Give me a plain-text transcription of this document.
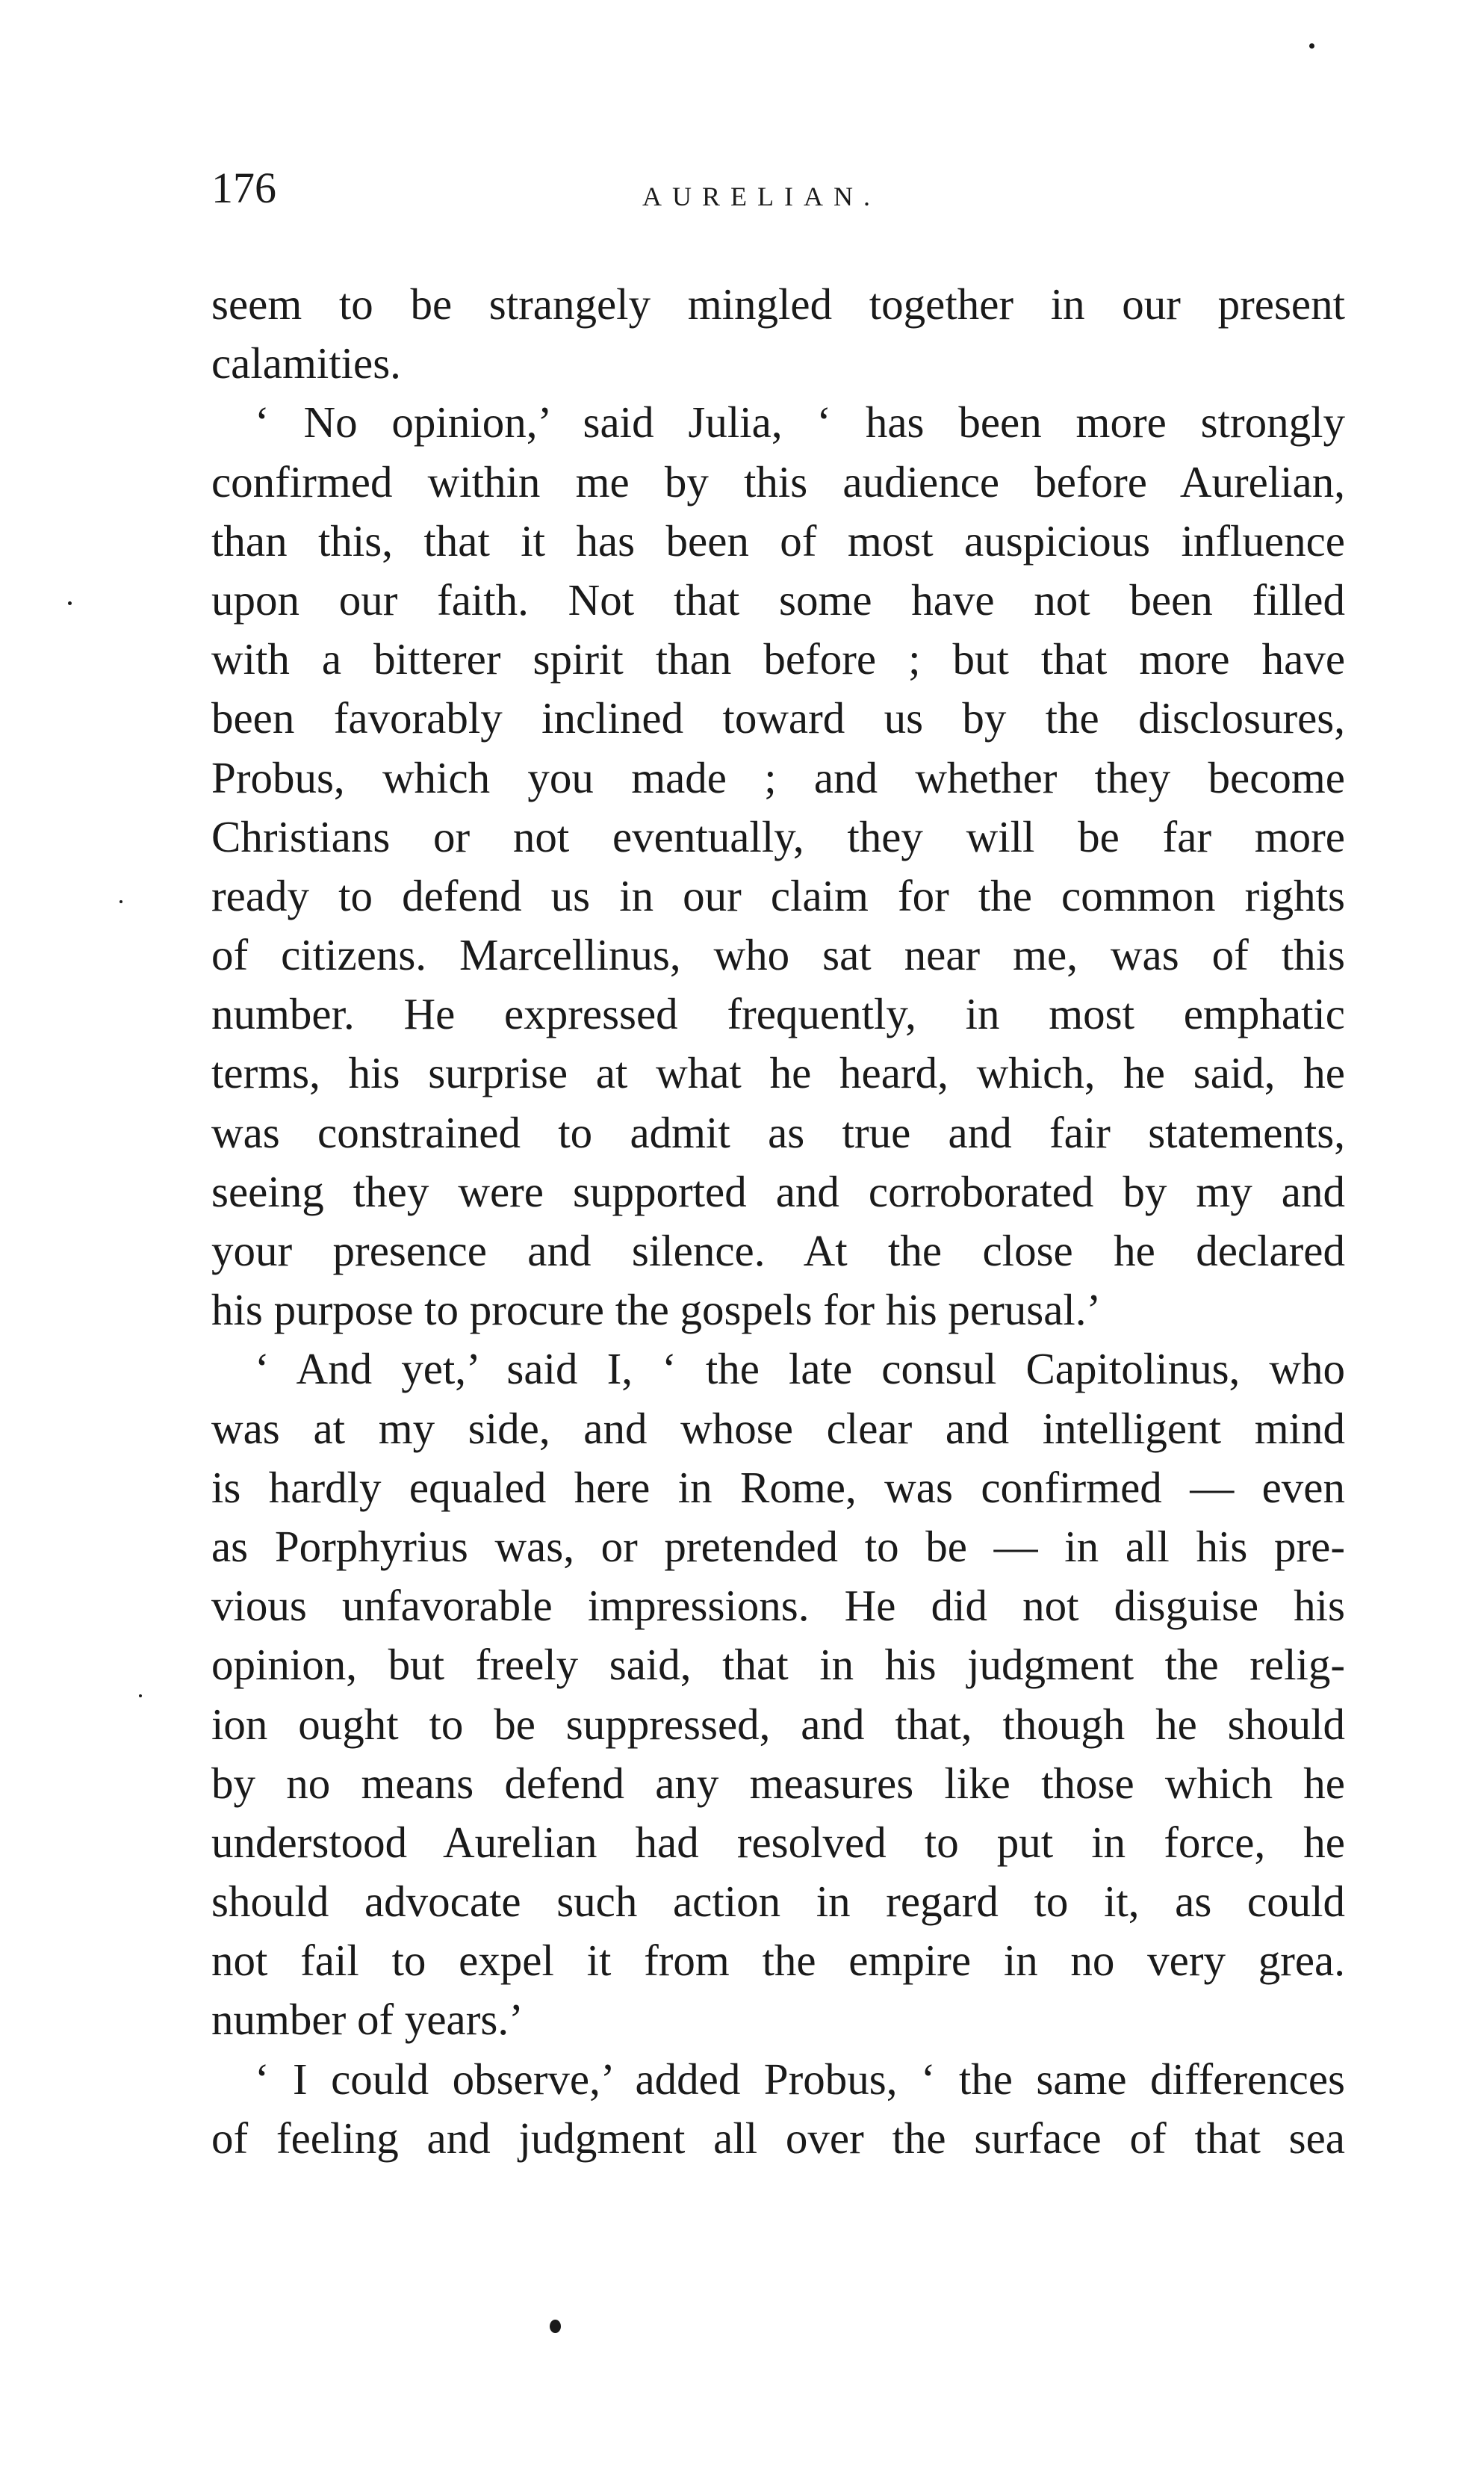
176	AURELIAN.
seem to be strangely mingled together in our present
calamities.
‘ No opinion,’ said Julia, ‘ has been more strongly
confirmed within me by this audience before Aurelian,
than this, that it has been of most auspicious influence
upon our faith. Not that some have not been filled
with a bitterer spirit than before ; but that more have
been favorably inclined toward us by the disclosures,
Probus, which you made ; and whether they become
Christians or not eventually, they will be far more
ready to defend us in our claim for the common rights
of citizens. Marcellinus, who sat near me, was of this
number. He expressed frequently, in most emphatic
terms, his surprise at what he heard, which, he said, he
was constrained to admit as true and fair statements,
seeing they were supported and corroborated by my and
your presence and silence. At the close he declared
his purpose to procure the gospels for his perusal.’
‘ And yet,’ said I, ‘ the late consul Capitolinus, who
was at my side, and whose clear and intelligent mind
is hardly equaled here in Rome, was confirmed — even
as Porphyrius was, or pretended to be — in all his pre-
vious unfavorable impressions. He did not disguise his
opinion, but freely said, that in his judgment the relig-
ion ought to be suppressed, and that, though he should
by no means defend any measures like those which he
understood Aurelian had resolved to put in force, he
should advocate such action in regard to it, as could
not fail to expel it from the empire in no very grea.
number of years.’
‘ I could observe,’ added Probus, ‘ the same differences
of feeling and judgment all over the surface of that sea
